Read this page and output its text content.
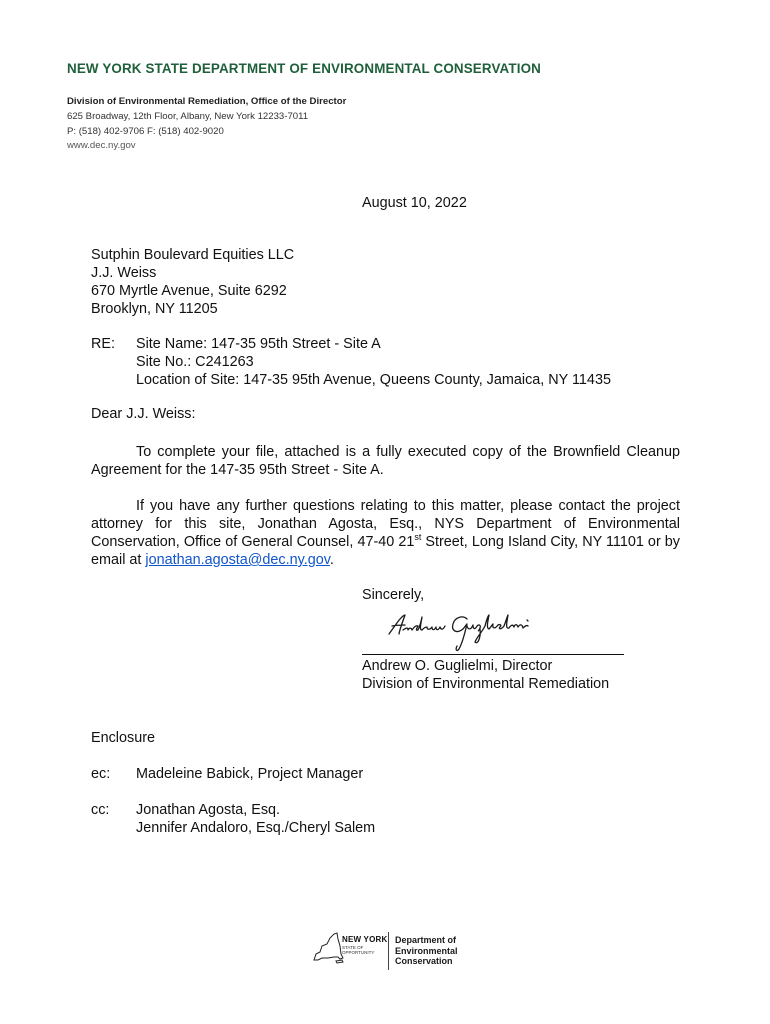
NEW YORK STATE DEPARTMENT OF ENVIRONMENTAL CONSERVATION
Division of Environmental Remediation, Office of the Director
625 Broadway, 12th Floor, Albany, New York 12233-7011
P: (518) 402-9706 F: (518) 402-9020
www.dec.ny.gov
August 10, 2022
Sutphin Boulevard Equities LLC
J.J. Weiss
670 Myrtle Avenue, Suite 6292
Brooklyn, NY 11205
RE: Site Name: 147-35 95th Street - Site A
Site No.: C241263
Location of Site: 147-35 95th Avenue, Queens County, Jamaica, NY 11435
Dear J.J. Weiss:
To complete your file, attached is a fully executed copy of the Brownfield Cleanup Agreement for the 147-35 95th Street - Site A.
If you have any further questions relating to this matter, please contact the project attorney for this site, Jonathan Agosta, Esq., NYS Department of Environmental Conservation, Office of General Counsel, 47-40 21st Street, Long Island City, NY 11101 or by email at jonathan.agosta@dec.ny.gov.
Sincerely,
Andrew O. Guglielmi, Director
Division of Environmental Remediation
Enclosure
ec: Madeleine Babick, Project Manager
cc: Jonathan Agosta, Esq.
Jennifer Andaloro, Esq./Cheryl Salem
NEW YORK
STATE OF
OPPORTUNITY
Department of
Environmental
Conservation
